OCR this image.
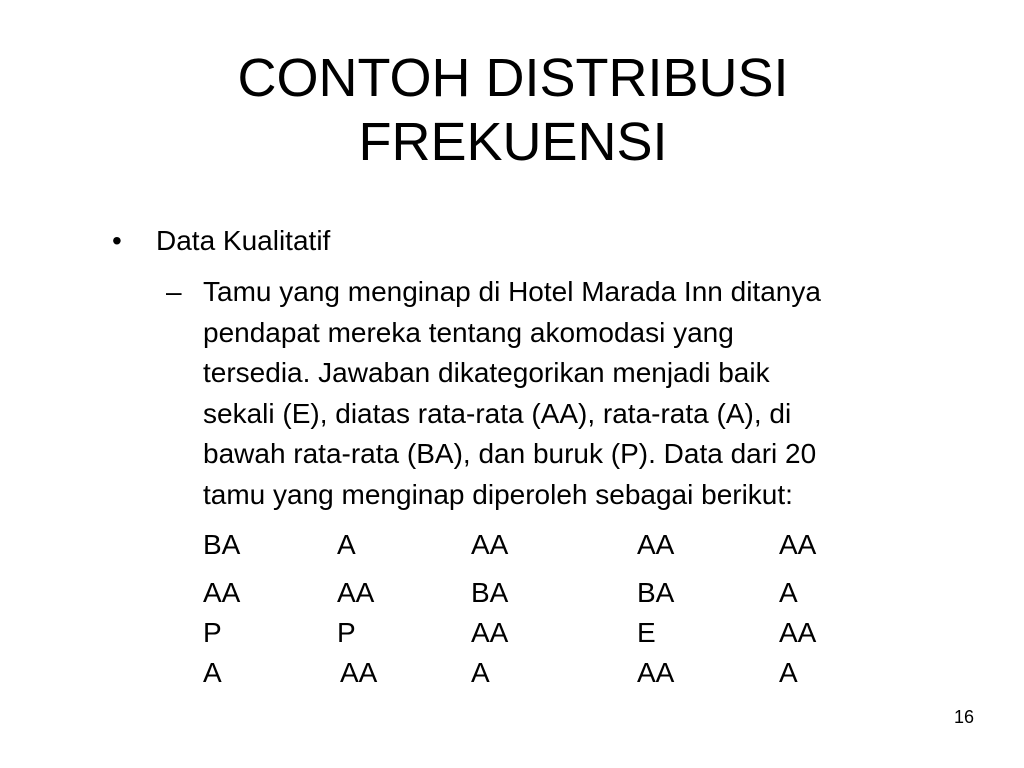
CONTOH DISTRIBUSI
FREKUENSI
•	Data Kualitatif
– Tamu yang menginap di Hotel Marada Inn ditanya
pendapat mereka tentang akomodasi yang
tersedia. Jawaban dikategorikan menjadi baik
sekali (E), diatas rata-rata (AA), rata-rata (A), di
bawah rata-rata (BA), dan buruk (P). Data dari 20
tamu yang menginap diperoleh sebagai berikut:
BA	A	AA	AA	AA
AA	AA	BA	BA	A
P	P	AA	E	AA
A	AA	A	AA	A
16
